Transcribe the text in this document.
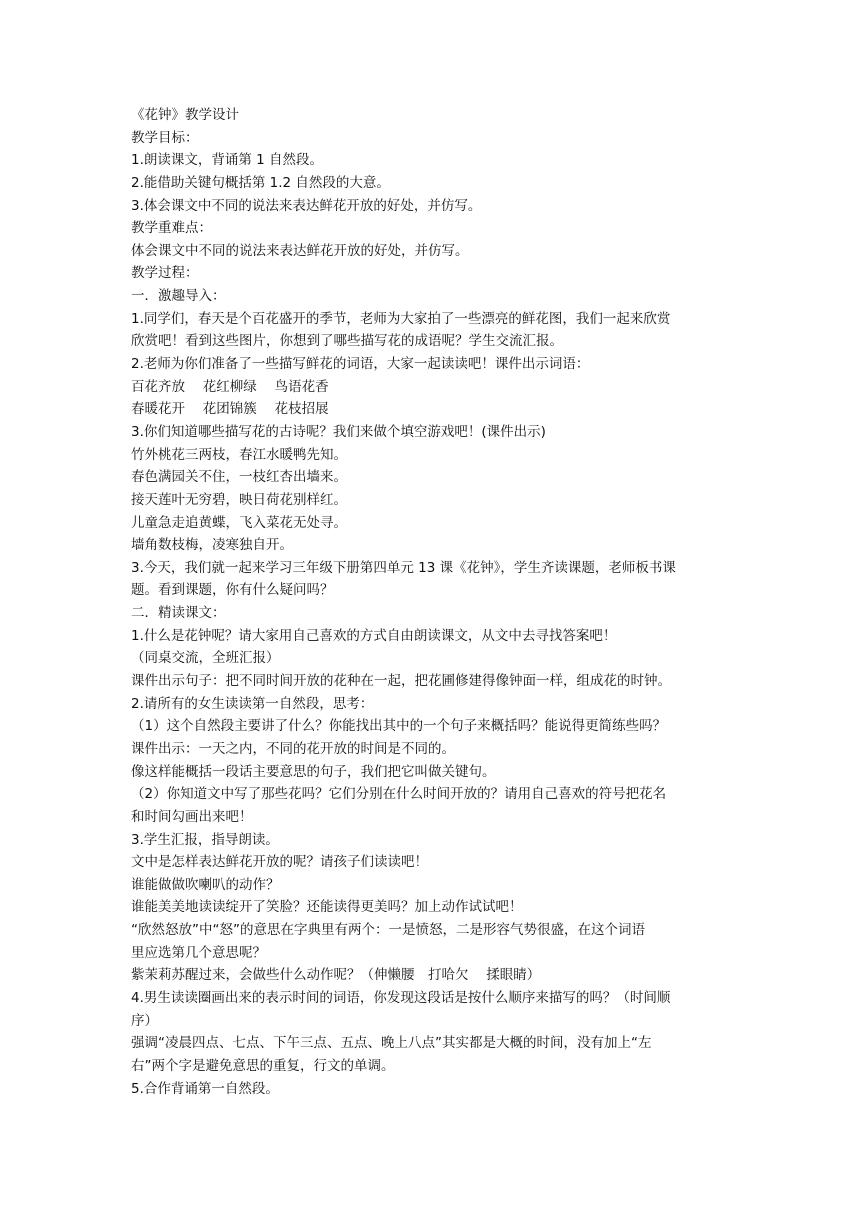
《花钟》教学设计
教学目标：
1.朗读课文，背诵第 1 自然段。
2.能借助关键句概括第 1.2 自然段的大意。
3.体会课文中不同的说法来表达鲜花开放的好处，并仿写。
教学重难点：
体会课文中不同的说法来表达鲜花开放的好处，并仿写。
教学过程：
一．激趣导入：
1.同学们，春天是个百花盛开的季节，老师为大家拍了一些漂亮的鲜花图，我们一起来欣赏
欣赏吧！看到这些图片，你想到了哪些描写花的成语呢？学生交流汇报。
2.老师为你们准备了一些描写鲜花的词语，大家一起读读吧！课件出示词语：
百花齐放　 花红柳绿　 鸟语花香
春暖花开　 花团锦簇　 花枝招展
3.你们知道哪些描写花的古诗呢？我们来做个填空游戏吧！(课件出示)
竹外桃花三两枝，春江水暖鸭先知。
春色满园关不住，一枝红杏出墙来。
接天莲叶无穷碧，映日荷花别样红。
儿童急走追黄蝶，飞入菜花无处寻。
墙角数枝梅，凌寒独自开。
3.今天，我们就一起来学习三年级下册第四单元 13 课《花钟》，学生齐读课题，老师板书课
题。看到课题，你有什么疑问吗？
二．精读课文：
1.什么是花钟呢？请大家用自己喜欢的方式自由朗读课文，从文中去寻找答案吧！
（同桌交流，全班汇报）
课件出示句子：把不同时间开放的花种在一起，把花圃修建得像钟面一样，组成花的时钟。
2.请所有的女生读读第一自然段，思考：
（1）这个自然段主要讲了什么？你能找出其中的一个句子来概括吗？能说得更简练些吗？
课件出示：一天之内，不同的花开放的时间是不同的。
像这样能概括一段话主要意思的句子，我们把它叫做关键句。
（2）你知道文中写了那些花吗？它们分别在什么时间开放的？请用自己喜欢的符号把花名
和时间勾画出来吧！
3.学生汇报，指导朗读。
文中是怎样表达鲜花开放的呢？请孩子们读读吧！
谁能做做吹喇叭的动作？
谁能美美地读读绽开了笑脸？还能读得更美吗？加上动作试试吧！
“欣然怒放”中“怒”的意思在字典里有两个：一是愤怒，二是形容气势很盛，在这个词语
里应选第几个意思呢？
紫茉莉苏醒过来，会做些什么动作呢？（伸懒腰　打哈欠　 揉眼睛）
4.男生读读圈画出来的表示时间的词语，你发现这段话是按什么顺序来描写的吗？（时间顺
序）
强调“凌晨四点、七点、下午三点、五点、晚上八点”其实都是大概的时间，没有加上“左
右”两个字是避免意思的重复，行文的单调。
5.合作背诵第一自然段。
